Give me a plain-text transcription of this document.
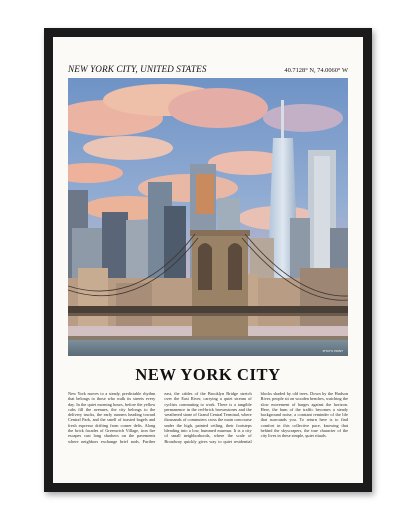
NEW YORK CITY, UNITED STATES	40.7128° N, 74.0060° W
PHOTO PRINT
NEW YORK CITY

New York moves to a steady, predictable rhythm that belongs to those who walk its streets every day. In the quiet morning hours, before the yellow cabs fill the avenues, the city belongs to the delivery trucks, the early runners heading toward Central Park, and the smell of toasted bagels and fresh espresso drifting from corner delis. Along the brick facades of Greenwich Village, iron fire escapes cast long shadows on the pavements where neighbors exchange brief nods. Further east, the cables of the Brooklyn Bridge stretch over the East River, carrying a quiet stream of cyclists commuting to work. There is a tangible permanence in the red-brick brownstones and the weathered stone of Grand Central Terminal, where thousands of commuters cross the main concourse under the high, painted ceiling, their footsteps blending into a low, hummed murmur. It is a city of small neighborhoods, where the scale of Broadway quickly gives way to quiet residential blocks shaded by old trees. Down by the Hudson River, people sit on wooden benches, watching the slow movement of barges against the horizon. Here, the hum of the traffic becomes a steady background noise, a constant reminder of the life that surrounds you. To return here is to find comfort in this collective pace, knowing that behind the skyscrapers, the true character of the city lives in these simple, quiet rituals.
